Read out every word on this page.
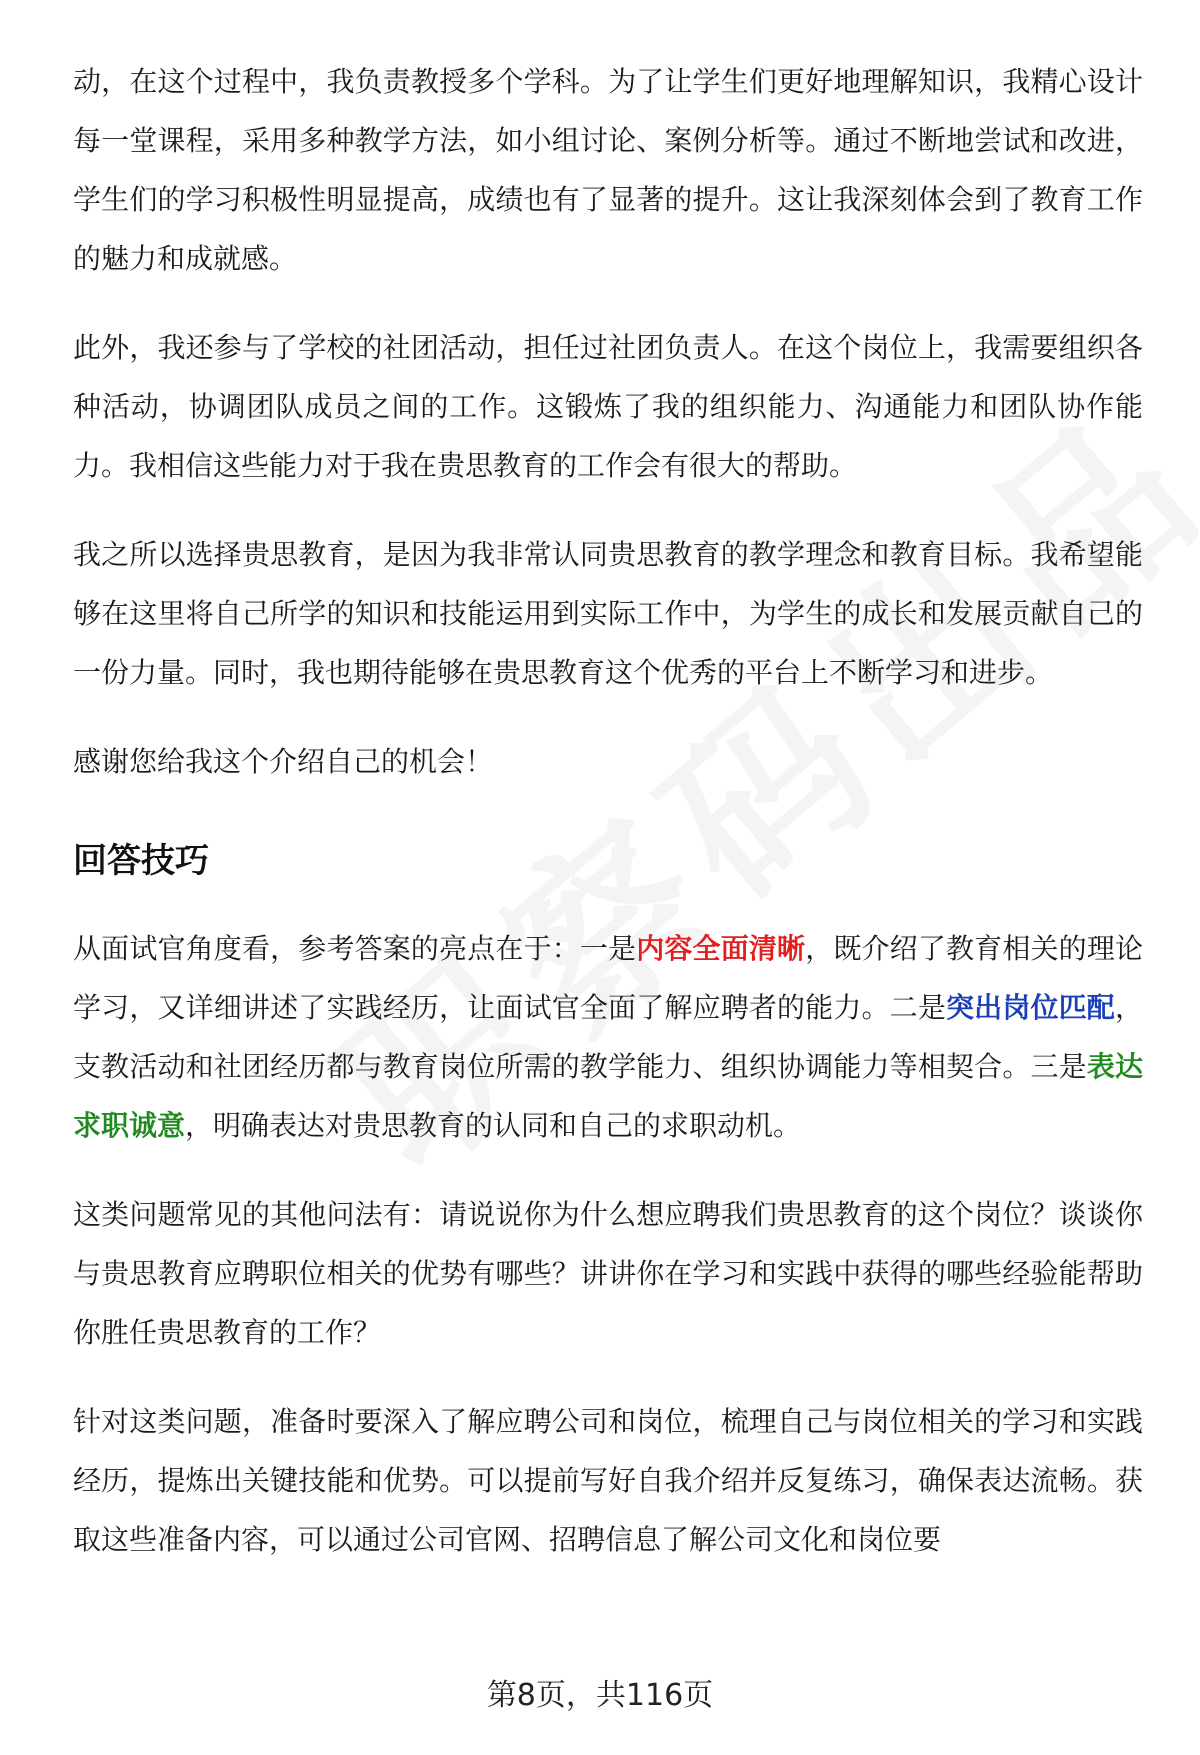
动，在这个过程中，我负责教授多个学科。为了让学生们更好地理解知识，我精心设计每一堂课程，采用多种教学方法，如小组讨论、案例分析等。通过不断地尝试和改进，学生们的学习积极性明显提高，成绩也有了显著的提升。这让我深刻体会到了教育工作的魅力和成就感。

此外，我还参与了学校的社团活动，担任过社团负责人。在这个岗位上，我需要组织各种活动，协调团队成员之间的工作。这锻炼了我的组织能力、沟通能力和团队协作能力。我相信这些能力对于我在贵思教育的工作会有很大的帮助。

我之所以选择贵思教育，是因为我非常认同贵思教育的教学理念和教育目标。我希望能够在这里将自己所学的知识和技能运用到实际工作中，为学生的成长和发展贡献自己的一份力量。同时，我也期待能够在贵思教育这个优秀的平台上不断学习和进步。

感谢您给我这个介绍自己的机会！

回答技巧

从面试官角度看，参考答案的亮点在于：一是内容全面清晰，既介绍了教育相关的理论学习，又详细讲述了实践经历，让面试官全面了解应聘者的能力。二是突出岗位匹配，支教活动和社团经历都与教育岗位所需的教学能力、组织协调能力等相契合。三是表达求职诚意，明确表达对贵思教育的认同和自己的求职动机。

这类问题常见的其他问法有：请说说你为什么想应聘我们贵思教育的这个岗位？谈谈你与贵思教育应聘职位相关的优势有哪些？讲讲你在学习和实践中获得的哪些经验能帮助你胜任贵思教育的工作？

针对这类问题，准备时要深入了解应聘公司和岗位，梳理自己与岗位相关的学习和实践经历，提炼出关键技能和优势。可以提前写好自我介绍并反复练习，确保表达流畅。获取这些准备内容，可以通过公司官网、招聘信息了解公司文化和岗位要

第8页，共116页
